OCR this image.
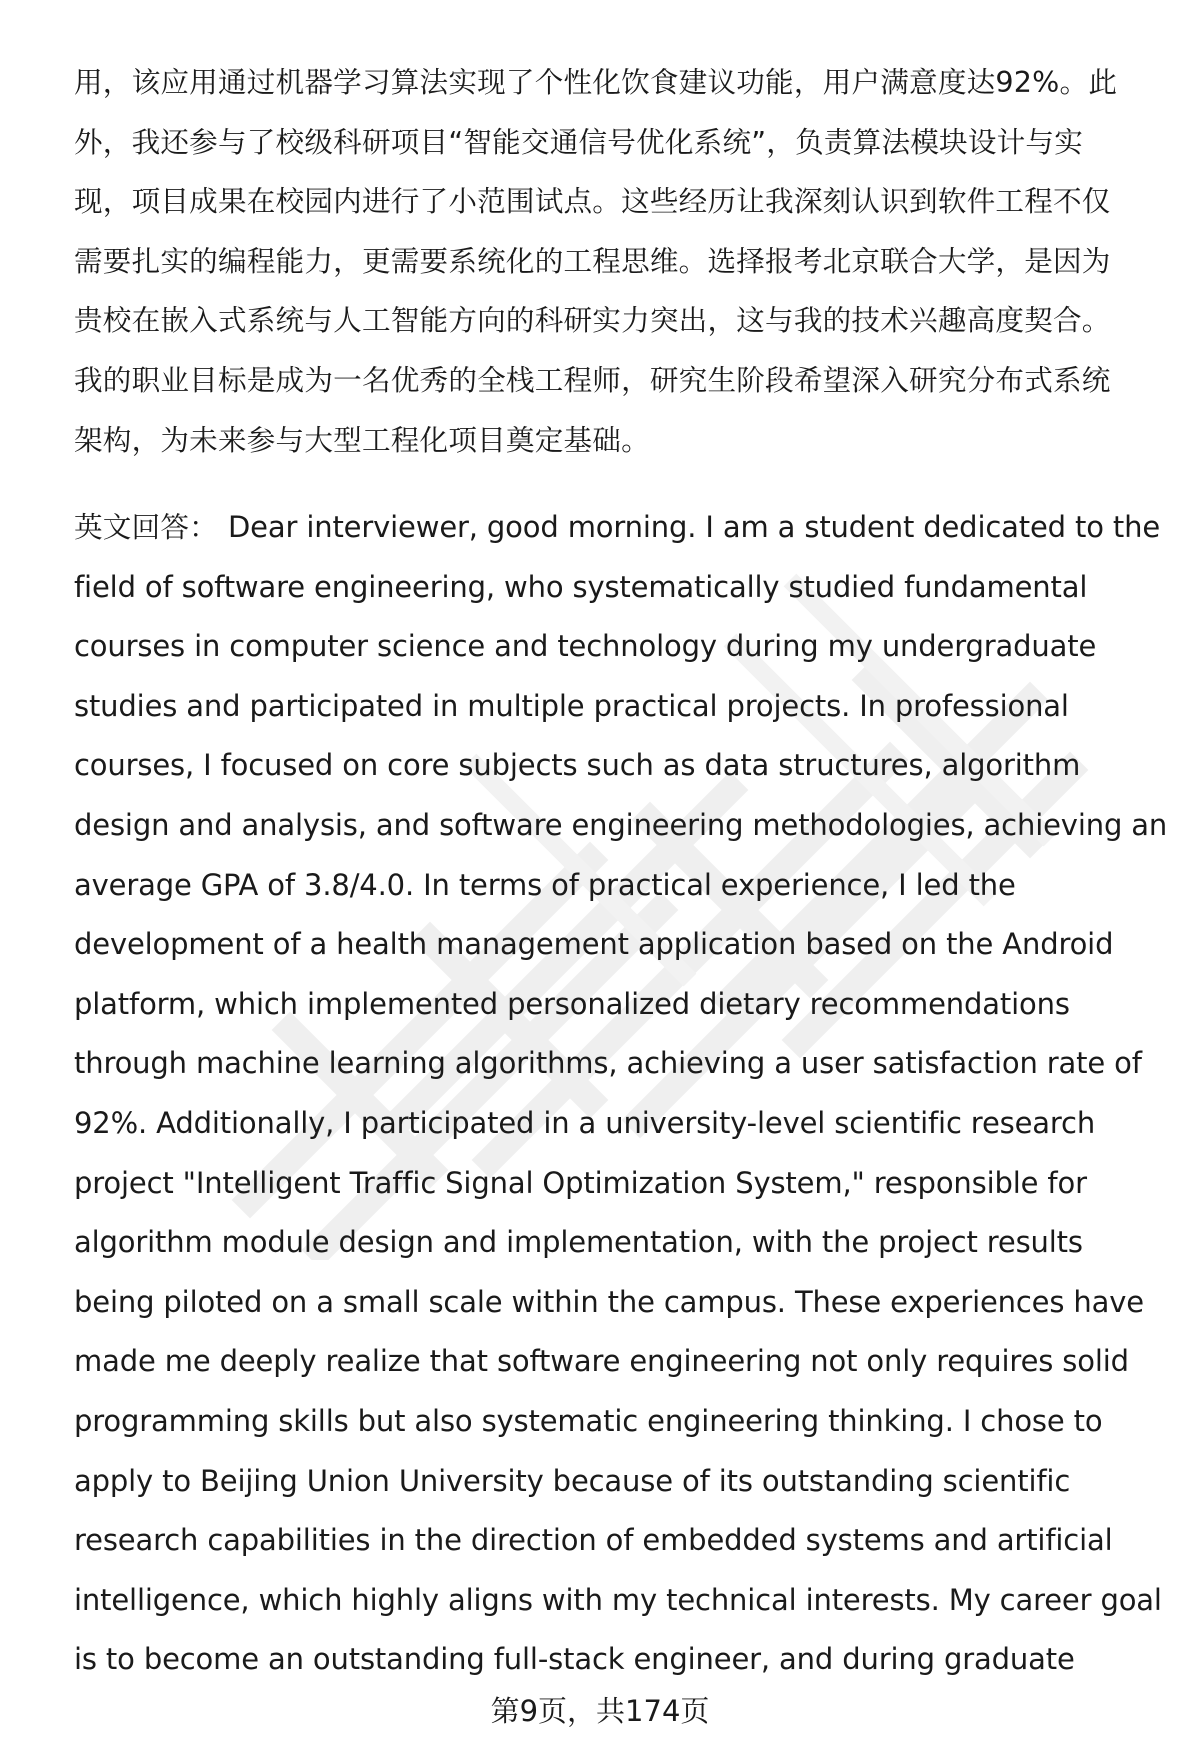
用，该应用通过机器学习算法实现了个性化饮食建议功能，用户满意度达92%。此
外，我还参与了校级科研项目“智能交通信号优化系统”，负责算法模块设计与实
现，项目成果在校园内进行了小范围试点。这些经历让我深刻认识到软件工程不仅
需要扎实的编程能力，更需要系统化的工程思维。选择报考北京联合大学，是因为
贵校在嵌入式系统与人工智能方向的科研实力突出，这与我的技术兴趣高度契合。
我的职业目标是成为一名优秀的全栈工程师，研究生阶段希望深入研究分布式系统
架构，为未来参与大型工程化项目奠定基础。
英文回答： Dear interviewer, good morning. I am a student dedicated to the
field of software engineering, who systematically studied fundamental
courses in computer science and technology during my undergraduate
studies and participated in multiple practical projects. In professional
courses, I focused on core subjects such as data structures, algorithm
design and analysis, and software engineering methodologies, achieving an
average GPA of 3.8/4.0. In terms of practical experience, I led the
development of a health management application based on the Android
platform, which implemented personalized dietary recommendations
through machine learning algorithms, achieving a user satisfaction rate of
92%. Additionally, I participated in a university-level scientific research
project "Intelligent Traffic Signal Optimization System," responsible for
algorithm module design and implementation, with the project results
being piloted on a small scale within the campus. These experiences have
made me deeply realize that software engineering not only requires solid
programming skills but also systematic engineering thinking. I chose to
apply to Beijing Union University because of its outstanding scientific
research capabilities in the direction of embedded systems and artificial
intelligence, which highly aligns with my technical interests. My career goal
is to become an outstanding full-stack engineer, and during graduate
第9页，共174页
